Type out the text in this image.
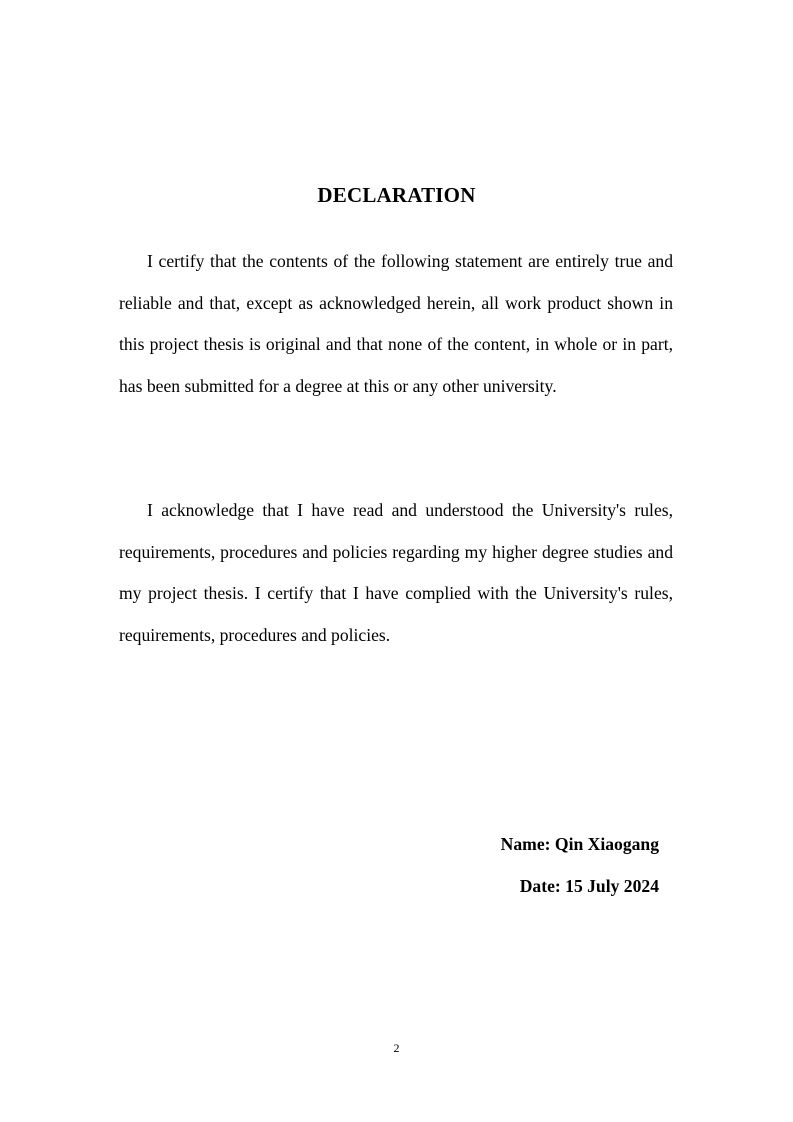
DECLARATION

I certify that the contents of the following statement are entirely true and reliable and that, except as acknowledged herein, all work product shown in this project thesis is original and that none of the content, in whole or in part, has been submitted for a degree at this or any other university.

I acknowledge that I have read and understood the University's rules, requirements, procedures and policies regarding my higher degree studies and my project thesis. I certify that I have complied with the University's rules, requirements, procedures and policies.

Name: Qin Xiaogang
Date: 15 July 2024
2
